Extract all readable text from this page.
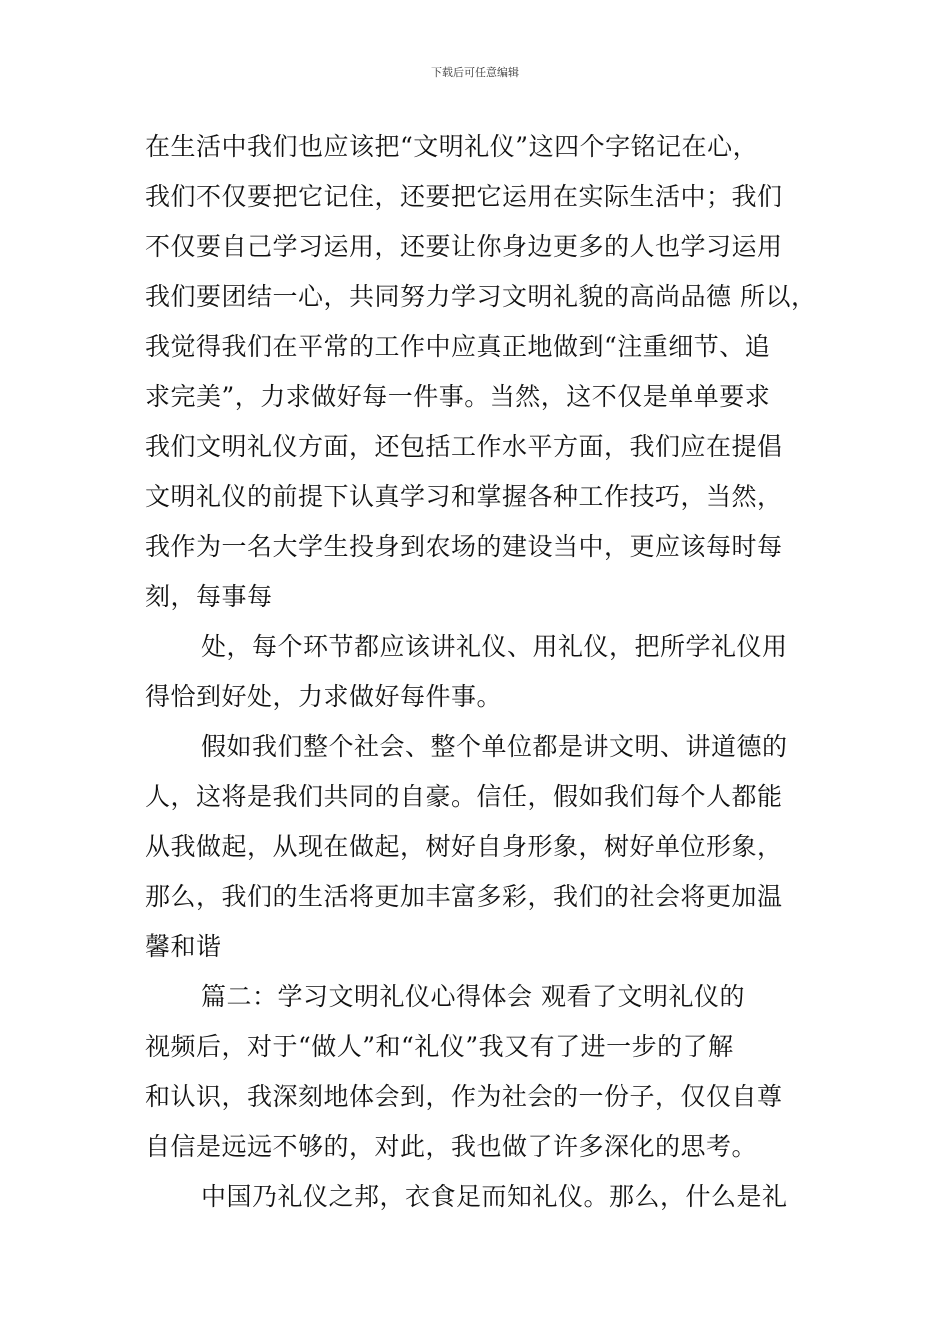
下载后可任意编辑
在生活中我们也应该把“文明礼仪”这四个字铭记在心，
我们不仅要把它记住，还要把它运用在实际生活中；我们
不仅要自己学习运用，还要让你身边更多的人也学习运用
我们要团结一心，共同努力学习文明礼貌的高尚品德 所以，
我觉得我们在平常的工作中应真正地做到“注重细节、追
求完美”，力求做好每一件事。当然，这不仅是单单要求
我们文明礼仪方面，还包括工作水平方面，我们应在提倡
文明礼仪的前提下认真学习和掌握各种工作技巧，当然，
我作为一名大学生投身到农场的建设当中，更应该每时每
刻，每事每
处，每个环节都应该讲礼仪、用礼仪，把所学礼仪用
得恰到好处，力求做好每件事。
假如我们整个社会、整个单位都是讲文明、讲道德的
人，这将是我们共同的自豪。信任，假如我们每个人都能
从我做起，从现在做起，树好自身形象，树好单位形象，
那么，我们的生活将更加丰富多彩，我们的社会将更加温
馨和谐
篇二：学习文明礼仪心得体会 观看了文明礼仪的
视频后，对于“做人”和“礼仪”我又有了进一步的了解
和认识，我深刻地体会到，作为社会的一份子，仅仅自尊
自信是远远不够的，对此，我也做了许多深化的思考。
中国乃礼仪之邦，衣食足而知礼仪。那么，什么是礼
